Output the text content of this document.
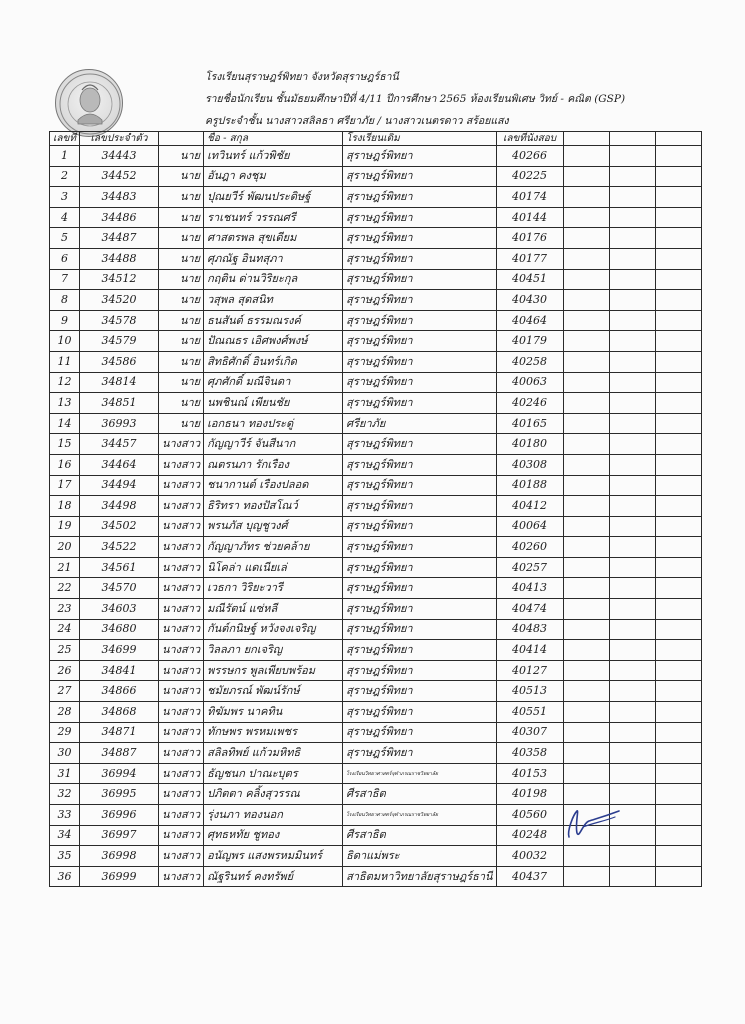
โรงเรียนสุราษฎร์พิทยา จังหวัดสุราษฎร์ธานี
รายชื่อนักเรียน ชั้นมัธยมศึกษาปีที่ 4/11 ปีการศึกษา 2565 ห้องเรียนพิเศษ วิทย์ - คณิต (GSP)
ครูประจำชั้น นางสาวสลิลธา ศรียาภัย / นางสาวเนตรดาว สร้อยแสง
เลขที่	เลขประจำตัว		ชื่อ - สกุล	โรงเรียนเดิม	เลขที่นั่งสอบ			
1	34443	นาย	เทวินทร์ แก้วพิชัย	สุราษฎร์พิทยา	40266			
2	34452	นาย	อันฎา คงชุม	สุราษฎร์พิทยา	40225			
3	34483	นาย	ปุณยวีร์ พัฒนประดิษฐ์	สุราษฎร์พิทยา	40174			
4	34486	นาย	ราเชนทร์ วรรณศรี	สุราษฎร์พิทยา	40144			
5	34487	นาย	ศาสตรพล สุขเดียม	สุราษฎร์พิทยา	40176			
6	34488	นาย	ศุภณัฐ อินทสุภา	สุราษฎร์พิทยา	40177			
7	34512	นาย	กฤติน ด่านวิริยะกุล	สุราษฎร์พิทยา	40451			
8	34520	นาย	วสุพล สุดสนิท	สุราษฎร์พิทยา	40430			
9	34578	นาย	ธนสันต์ ธรรมณรงค์	สุราษฎร์พิทยา	40464			
10	34579	นาย	ปัณณธร เอิศพงศ์พงษ์	สุราษฎร์พิทยา	40179			
11	34586	นาย	สิทธิศักดิ์ อินทร์เกิด	สุราษฎร์พิทยา	40258			
12	34814	นาย	ศุภศักดิ์ มณีจินดา	สุราษฎร์พิทยา	40063			
13	34851	นาย	นพชินณ์ เพียนชัย	สุราษฎร์พิทยา	40246			
14	36993	นาย	เอกธนา ทองประดู่	ศรียาภัย	40165			
15	34457	นางสาว	กัญญาวีร์ จันสีนาก	สุราษฎร์พิทยา	40180			
16	34464	นางสาว	ณตรนภา รักเรือง	สุราษฎร์พิทยา	40308			
17	34494	นางสาว	ชนากานต์ เรืองปลอด	สุราษฎร์พิทยา	40188			
18	34498	นางสาว	ธิริทรา ทองปัสโณว์	สุราษฎร์พิทยา	40412			
19	34502	นางสาว	พรนภัส บุญชูวงศ์	สุราษฎร์พิทยา	40064			
20	34522	นางสาว	กัญญาภัทร ช่วยคล้าย	สุราษฎร์พิทยา	40260			
21	34561	นางสาว	นิโคล่า แดเนียเล่	สุราษฎร์พิทยา	40257			
22	34570	นางสาว	เวธกา วิริยะวารี	สุราษฎร์พิทยา	40413			
23	34603	นางสาว	มณีรัตน์ แซ่หลี	สุราษฎร์พิทยา	40474			
24	34680	นางสาว	กันต์กนิษฐ์ หวังจงเจริญ	สุราษฎร์พิทยา	40483			
25	34699	นางสาว	วิลลภา ยกเจริญ	สุราษฎร์พิทยา	40414			
26	34841	นางสาว	พรรษกร พูลเพียบพร้อม	สุราษฎร์พิทยา	40127			
27	34866	นางสาว	ชมัยภรณ์ พัฒน์รักษ์	สุราษฎร์พิทยา	40513			
28	34868	นางสาว	ทิฆัมพร นาคทิน	สุราษฎร์พิทยา	40551			
29	34871	นางสาว	ทักษพร พรหมเพชร	สุราษฎร์พิทยา	40307			
30	34887	นางสาว	สลิลทิพย์ แก้วมหิทธิ	สุราษฎร์พิทยา	40358			
31	36994	นางสาว	ธัญชนก ปาณะบุตร	โรงเรียนวิทยาศาสตร์จุฬาภรณราชวิทยาลัย	40153			
32	36995	นางสาว	ปภิตตา คลิ้งสุวรรณ	ศีรสาธิต	40198			
33	36996	นางสาว	รุ่งนภา ทองนอก	โรงเรียนวิทยาศาสตร์จุฬาภรณราชวิทยาลัย	40560			
34	36997	นางสาว	ศุทธหทัย ชูทอง	ศีรสาธิต	40248			
35	36998	นางสาว	อนัญพร แสงพรหมมินทร์	ธิดาแม่พระ	40032			
36	36999	นางสาว	ณัฐรินทร์ คงทรัพย์	สาธิตมหาวิทยาลัยสุราษฎร์ธานี	40437			
